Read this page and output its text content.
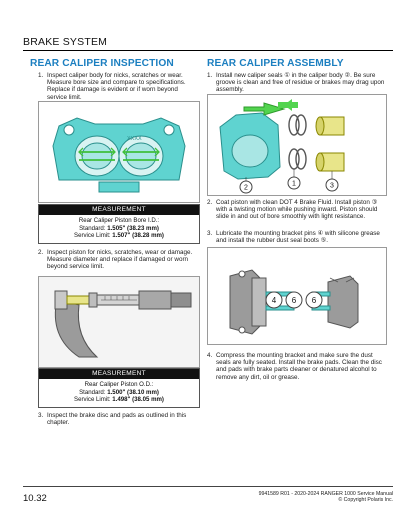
BRAKE SYSTEM
REAR CALIPER INSPECTION
1. Inspect caliper body for nicks, scratches or wear. Measure bore size and compare to specifications. Replace if damage is evident or if worn beyond service limit.
XXXX
MEASUREMENT
Rear Caliper Piston Bore I.D.:
Standard: 1.505" (38.23 mm)
Service Limit: 1.507" (38.28 mm)
2. Inspect piston for nicks, scratches, wear or damage. Measure diameter and replace if damaged or worn beyond service limit.
MEASUREMENT
Rear Caliper Piston O.D.:
Standard: 1.500" (38.10 mm)
Service Limit: 1.498" (38.05 mm)
3. Inspect the brake disc and pads as outlined in this chapter.
REAR CALIPER ASSEMBLY
1. Install new caliper seals ① in the caliper body ②. Be sure groove is clean and free of residue or brakes may drag upon assembly.
2
1	3
2. Coat piston with clean DOT 4 Brake Fluid. Install piston ③ with a twisting motion while pushing inward. Piston should slide in and out of bore smoothly with light resistance.
3. Lubricate the mounting bracket pins ④ with silicone grease and install the rubber dust seal boots ⑤.
4 6 6
4. Compress the mounting bracket and make sure the dust seals are fully seated. Install the brake pads. Clean the disc and pads with brake parts cleaner or denatured alcohol to remove any dirt, oil or grease.
10.32	9941589 R01 - 2020-2024 RANGER 1000 Service Manual
© Copyright Polaris Inc.
